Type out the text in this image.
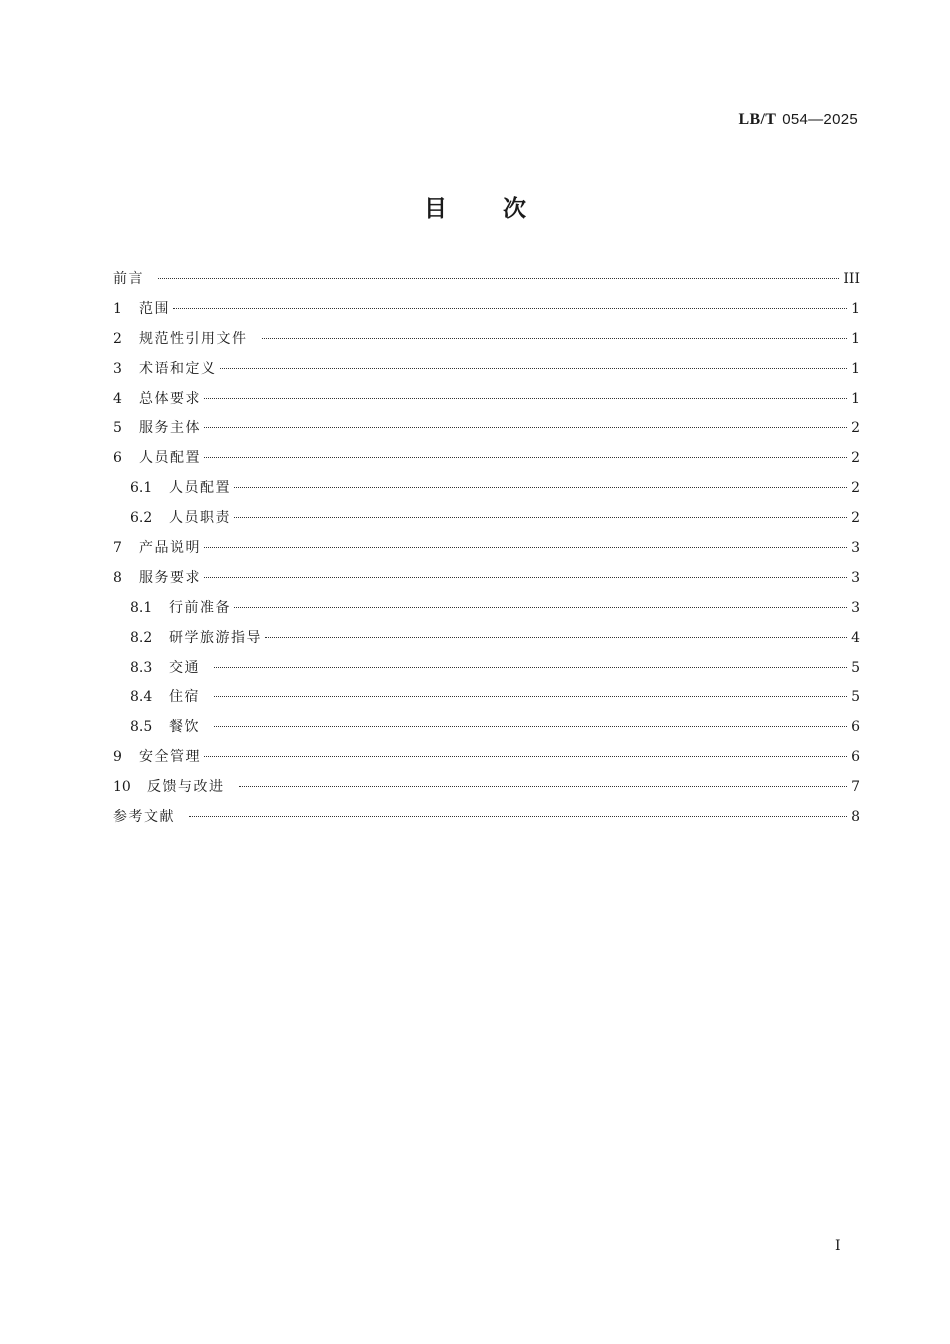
LB/T 054—2025
目次
前言	III
1	范围	1
2	规范性引用文件	1
3	术语和定义	1
4	总体要求	1
5	服务主体	2
6	人员配置	2
6.1	人员配置	2
6.2	人员职责	2
7	产品说明	3
8	服务要求	3
8.1	行前准备	3
8.2	研学旅游指导	4
8.3	交通	5
8.4	住宿	5
8.5	餐饮	6
9	安全管理	6
10	反馈与改进	7
参考文献	8
I
